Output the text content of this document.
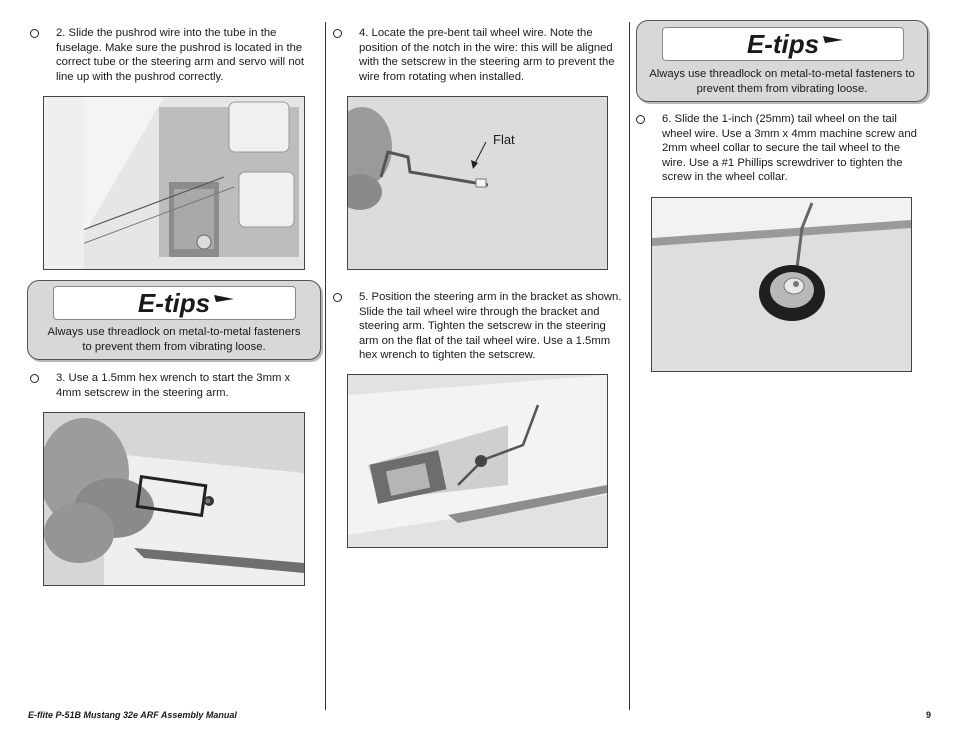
2. Slide the pushrod wire into the tube in the fuselage. Make sure the pushrod is located in the correct tube or the steering arm and servo will not line up with the pushrod correctly.
E-tips
Always use threadlock on metal-to-metal fasteners to prevent them from vibrating loose.
3. Use a 1.5mm hex wrench to start the 3mm x 4mm setscrew in the steering arm.
4. Locate the pre-bent tail wheel wire. Note the position of the notch in the wire: this will be aligned with the setscrew in the steering arm to prevent the wire from rotating when installed.
Flat
5. Position the steering arm in the bracket as shown. Slide the tail wheel wire through the bracket and steering arm. Tighten the setscrew in the steering arm on the flat of the tail wheel wire. Use a 1.5mm hex wrench to tighten the setscrew.
E-tips
Always use threadlock on metal-to-metal fasteners to prevent them from vibrating loose.
6. Slide the 1-inch (25mm) tail wheel on the tail wheel wire. Use a 3mm x 4mm machine screw and 2mm wheel collar to secure the tail wheel to the wire. Use a #1 Phillips screwdriver to tighten the screw in the wheel collar.
E-flite P-51B Mustang 32e ARF Assembly Manual	9
